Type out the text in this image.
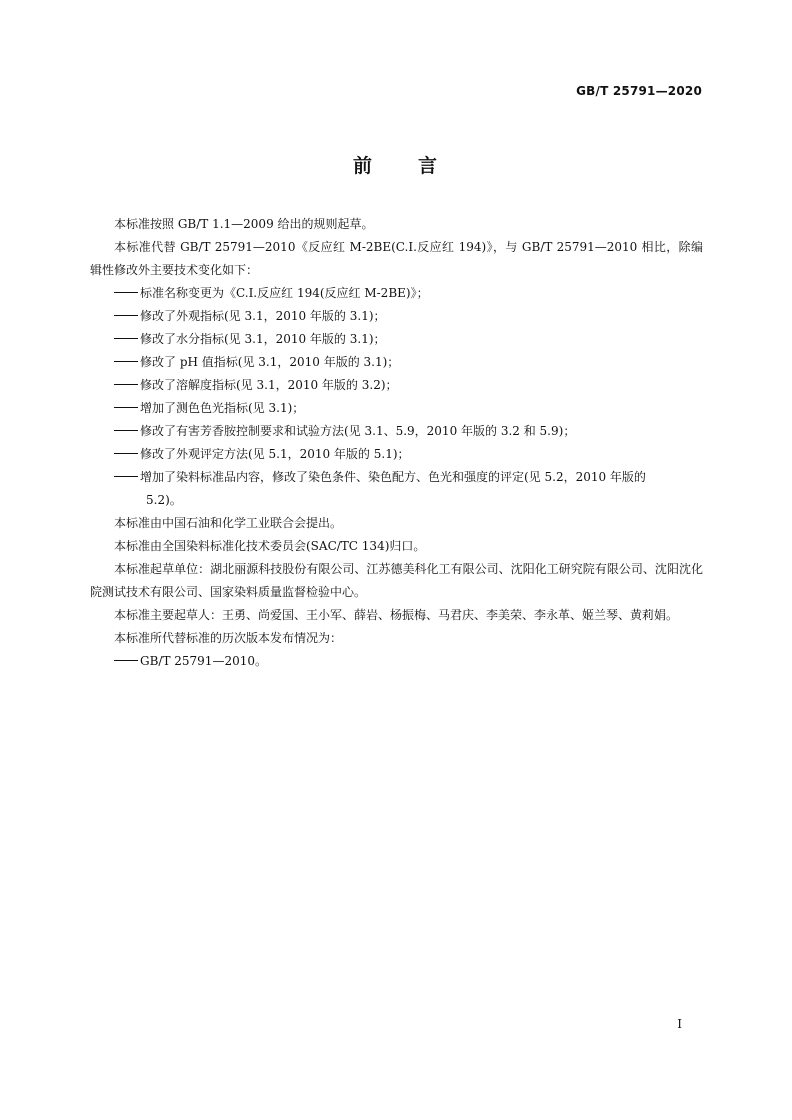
GB/T 25791—2020
前 言

本标准按照 GB/T 1.1—2009 给出的规则起草。

本标准代替 GB/T 25791—2010《反应红 M-2BE(C.I.反应红 194)》，与 GB/T 25791—2010 相比，除编辑性修改外主要技术变化如下：

标准名称变更为《C.I.反应红 194(反应红 M-2BE)》；

修改了外观指标(见 3.1，2010 年版的 3.1)；

修改了水分指标(见 3.1，2010 年版的 3.1)；

修改了 pH 值指标(见 3.1，2010 年版的 3.1)；

修改了溶解度指标(见 3.1，2010 年版的 3.2)；

增加了测色色光指标(见 3.1)；

修改了有害芳香胺控制要求和试验方法(见 3.1、5.9，2010 年版的 3.2 和 5.9)；

修改了外观评定方法(见 5.1，2010 年版的 5.1)；

增加了染料标准品内容，修改了染色条件、染色配方、色光和强度的评定(见 5.2，2010 年版的
5.2)。

本标准由中国石油和化学工业联合会提出。

本标准由全国染料标准化技术委员会(SAC/TC 134)归口。

本标准起草单位：湖北丽源科技股份有限公司、江苏德美科化工有限公司、沈阳化工研究院有限公司、沈阳沈化院测试技术有限公司、国家染料质量监督检验中心。

本标准主要起草人：王勇、尚爱国、王小军、薛岩、杨振梅、马君庆、李美荣、李永革、姬兰琴、黄莉娟。

本标准所代替标准的历次版本发布情况为：

GB/T 25791—2010。

I
